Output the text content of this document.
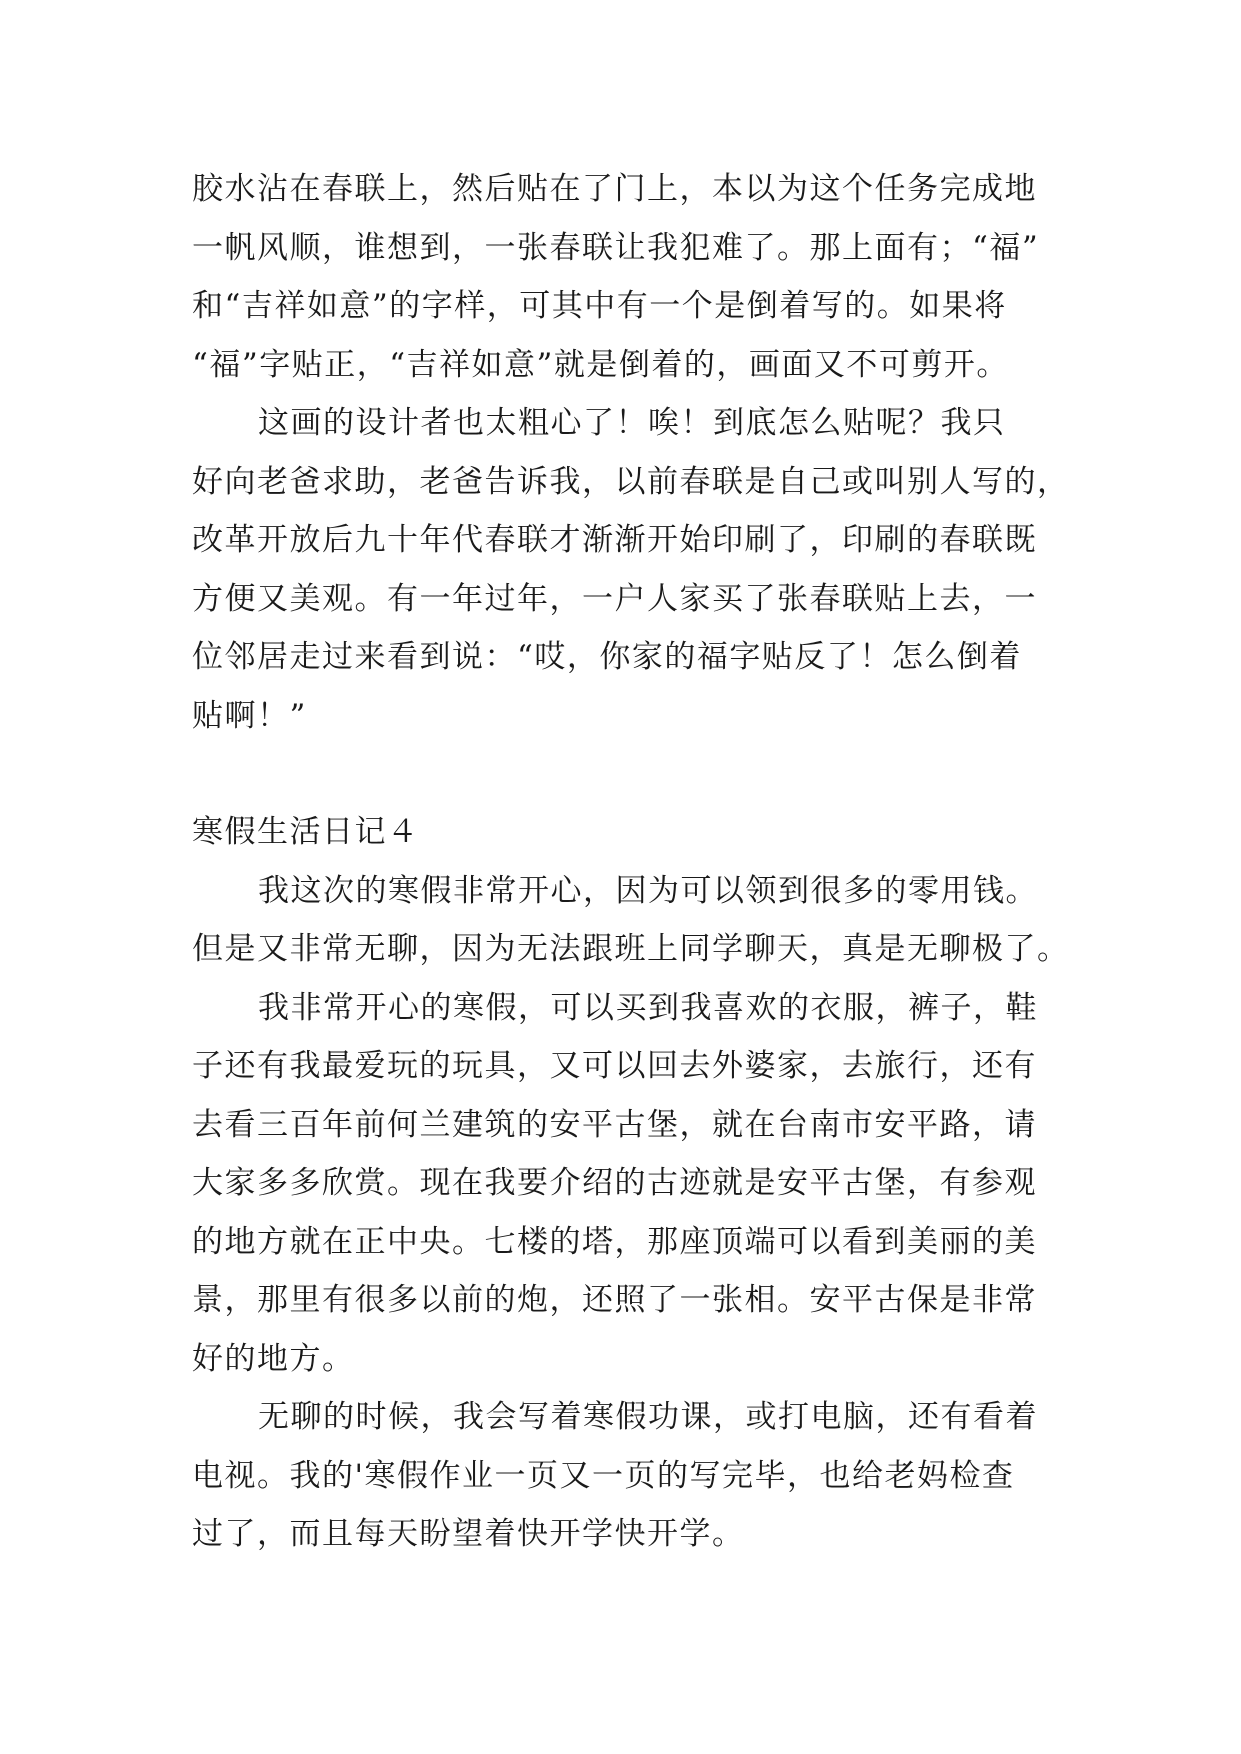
胶水沾在春联上，然后贴在了门上，本以为这个任务完成地
一帆风顺，谁想到，一张春联让我犯难了。那上面有；“福”
和“吉祥如意”的字样，可其中有一个是倒着写的。如果将
“福”字贴正，“吉祥如意”就是倒着的，画面又不可剪开。
这画的设计者也太粗心了！唉！到底怎么贴呢？我只
好向老爸求助，老爸告诉我，以前春联是自己或叫别人写的，
改革开放后九十年代春联才渐渐开始印刷了，印刷的春联既
方便又美观。有一年过年，一户人家买了张春联贴上去，一
位邻居走过来看到说：“哎，你家的福字贴反了！怎么倒着
贴啊！”
寒假生活日记４
我这次的寒假非常开心，因为可以领到很多的零用钱。
但是又非常无聊，因为无法跟班上同学聊天，真是无聊极了。
我非常开心的寒假，可以买到我喜欢的衣服，裤子，鞋
子还有我最爱玩的玩具，又可以回去外婆家，去旅行，还有
去看三百年前何兰建筑的安平古堡，就在台南市安平路，请
大家多多欣赏。现在我要介绍的古迹就是安平古堡，有参观
的地方就在正中央。七楼的塔，那座顶端可以看到美丽的美
景，那里有很多以前的炮，还照了一张相。安平古保是非常
好的地方。
无聊的时候，我会写着寒假功课，或打电脑，还有看着
电视。我的'寒假作业一页又一页的写完毕，也给老妈检查
过了，而且每天盼望着快开学快开学。
